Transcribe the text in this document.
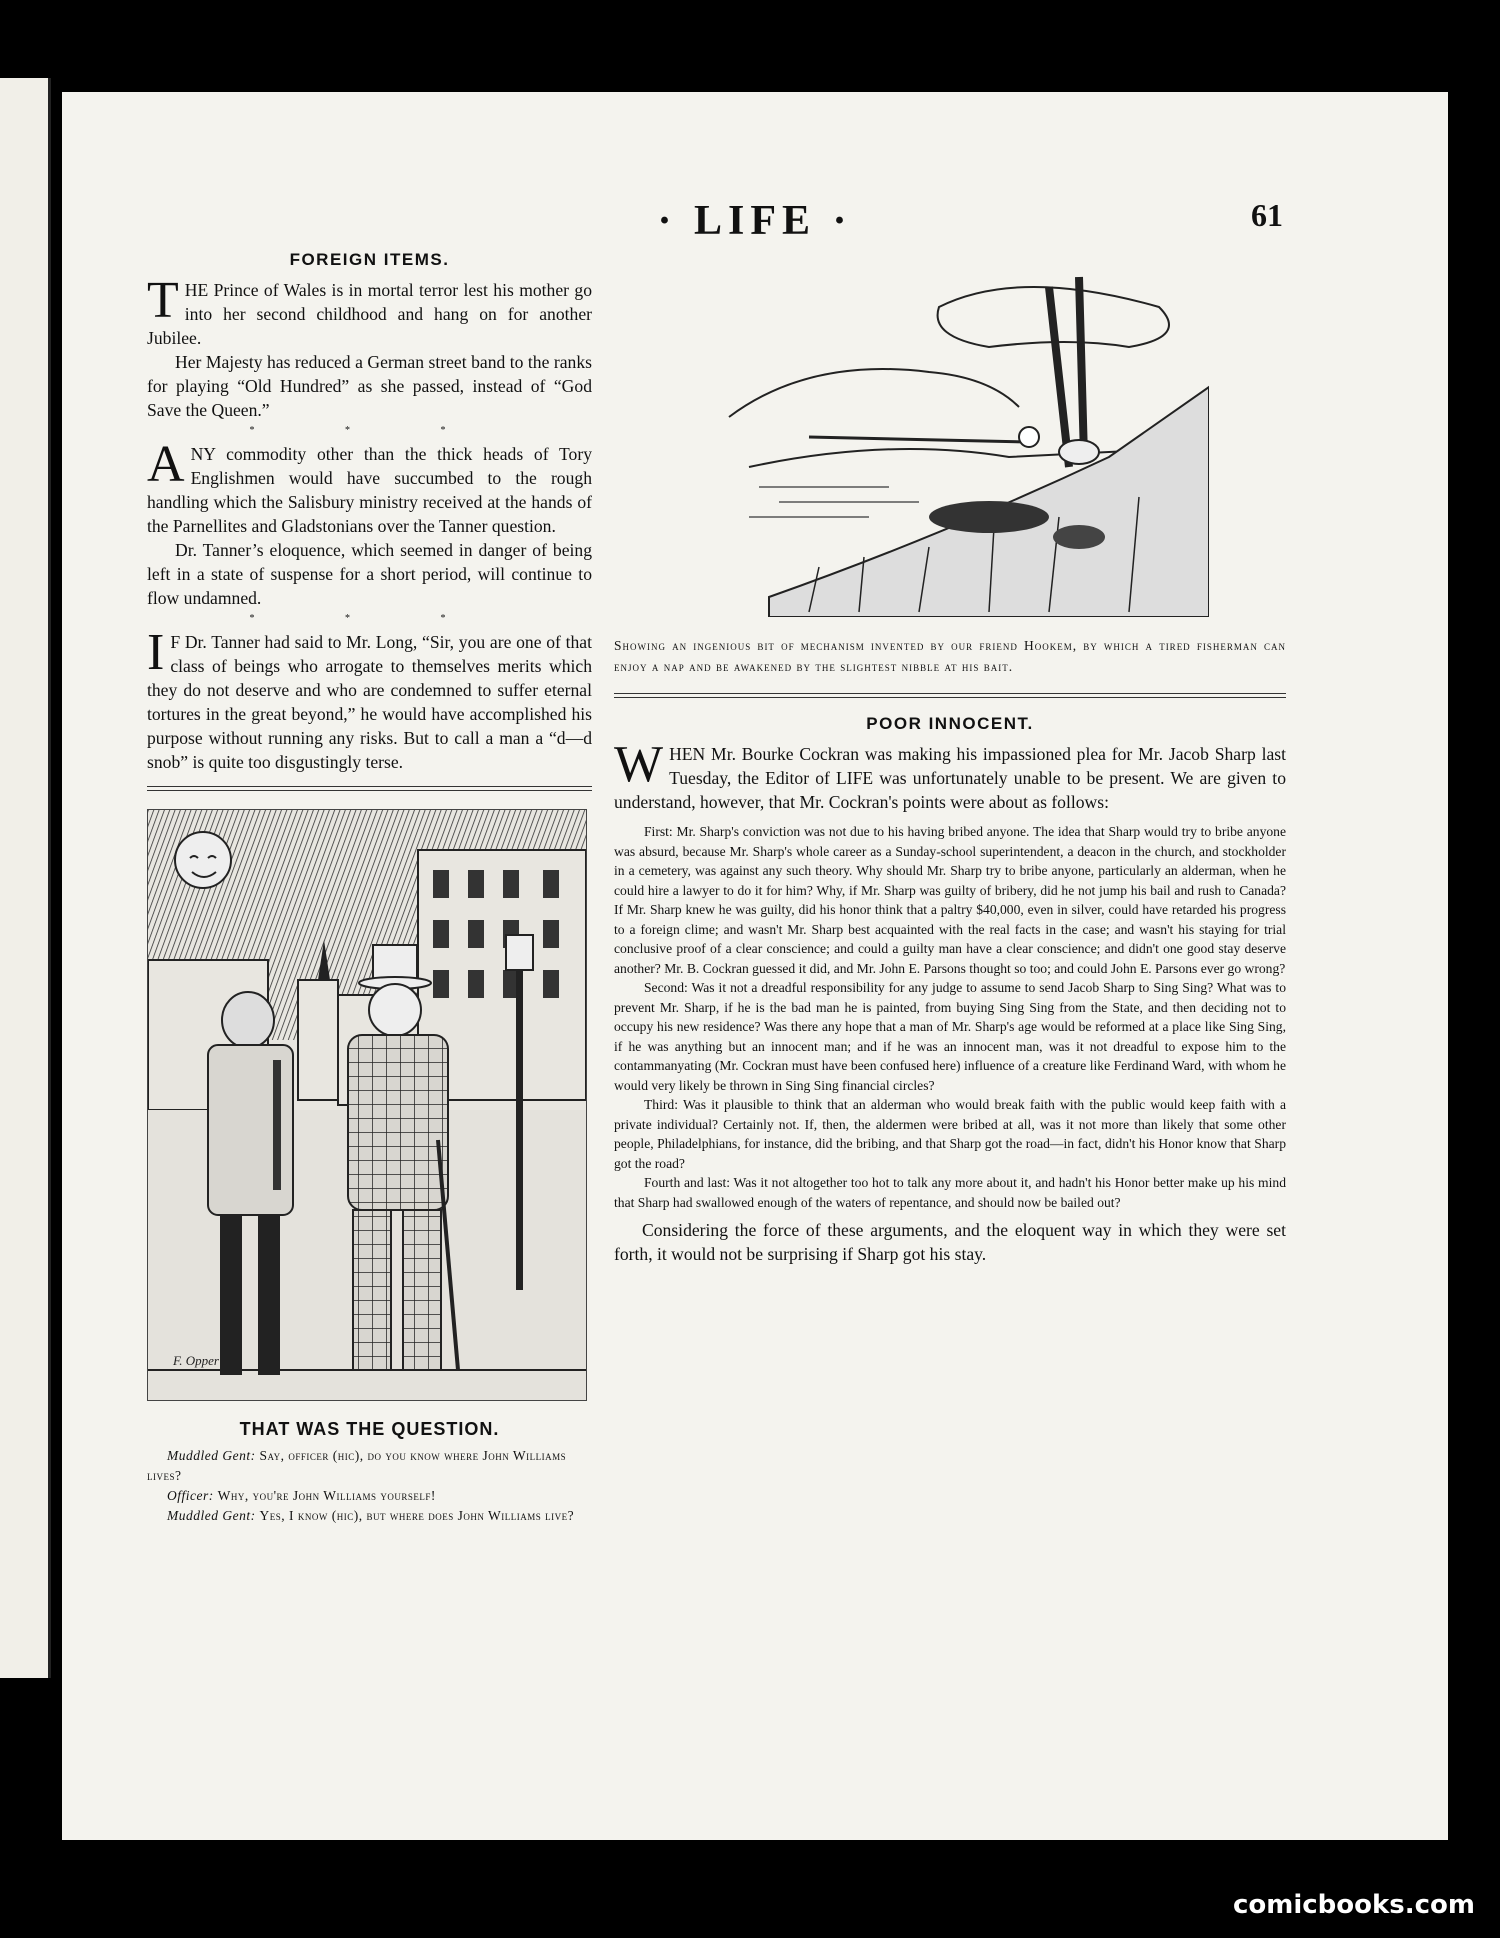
· LIFE ·	61
FOREIGN ITEMS.

THE Prince of Wales is in mortal terror lest his mother go into her second childhood and hang on for another Jubilee.

Her Majesty has reduced a German street band to the ranks for playing “Old Hundred” as she passed, instead of “God Save the Queen.”

* * *

ANY commodity other than the thick heads of Tory Englishmen would have succumbed to the rough handling which the Salisbury ministry received at the hands of the Parnellites and Gladstonians over the Tanner question.

Dr. Tanner’s eloquence, which seemed in danger of being left in a state of suspense for a short period, will continue to flow undamned.

* * *

I F Dr. Tanner had said to Mr. Long, “Sir, you are one of that class of beings who arrogate to themselves merits which they do not deserve and who are condemned to suffer eternal tortures in the great beyond,” he would have accomplished his purpose without running any risks. But to call a man a “d—d snob” is quite too disgustingly terse.

F. Opper
THAT WAS THE QUESTION.

Muddled Gent: Say, officer (hic), do you know where John Williams lives?

Officer: Why, you're John Williams yourself!

Muddled Gent: Yes, I know (hic), but where does John Williams live?

Showing an ingenious bit of mechanism invented by our friend Hookem, by which a tired fisherman can enjoy a nap and be awakened by the slightest nibble at his bait.

POOR INNOCENT.

WHEN Mr. Bourke Cockran was making his impassioned plea for Mr. Jacob Sharp last Tuesday, the Editor of LIFE was unfortunately unable to be present. We are given to understand, however, that Mr. Cockran's points were about as follows:

First: Mr. Sharp's conviction was not due to his having bribed anyone. The idea that Sharp would try to bribe anyone was absurd, because Mr. Sharp's whole career as a Sunday-school superintendent, a deacon in the church, and stockholder in a cemetery, was against any such theory. Why should Mr. Sharp try to bribe anyone, particularly an alderman, when he could hire a lawyer to do it for him? Why, if Mr. Sharp was guilty of bribery, did he not jump his bail and rush to Canada? If Mr. Sharp knew he was guilty, did his honor think that a paltry $40,000, even in silver, could have retarded his progress to a foreign clime; and wasn't Mr. Sharp best acquainted with the real facts in the case; and wasn't his staying for trial conclusive proof of a clear conscience; and could a guilty man have a clear conscience; and didn't one good stay deserve another? Mr. B. Cockran guessed it did, and Mr. John E. Parsons thought so too; and could John E. Parsons ever go wrong?

Second: Was it not a dreadful responsibility for any judge to assume to send Jacob Sharp to Sing Sing? What was to prevent Mr. Sharp, if he is the bad man he is painted, from buying Sing Sing from the State, and then deciding not to occupy his new residence? Was there any hope that a man of Mr. Sharp's age would be reformed at a place like Sing Sing, if he was anything but an innocent man; and if he was an innocent man, was it not dreadful to expose him to the contammanyating (Mr. Cockran must have been confused here) influence of a creature like Ferdinand Ward, with whom he would very likely be thrown in Sing Sing financial circles?

Third: Was it plausible to think that an alderman who would break faith with the public would keep faith with a private individual? Certainly not. If, then, the aldermen were bribed at all, was it not more than likely that some other people, Philadelphians, for instance, did the bribing, and that Sharp got the road—in fact, didn't his Honor know that Sharp got the road?

Fourth and last: Was it not altogether too hot to talk any more about it, and hadn't his Honor better make up his mind that Sharp had swallowed enough of the waters of repentance, and should now be bailed out?

Considering the force of these arguments, and the eloquent way in which they were set forth, it would not be surprising if Sharp got his stay.

comicbooks.com
